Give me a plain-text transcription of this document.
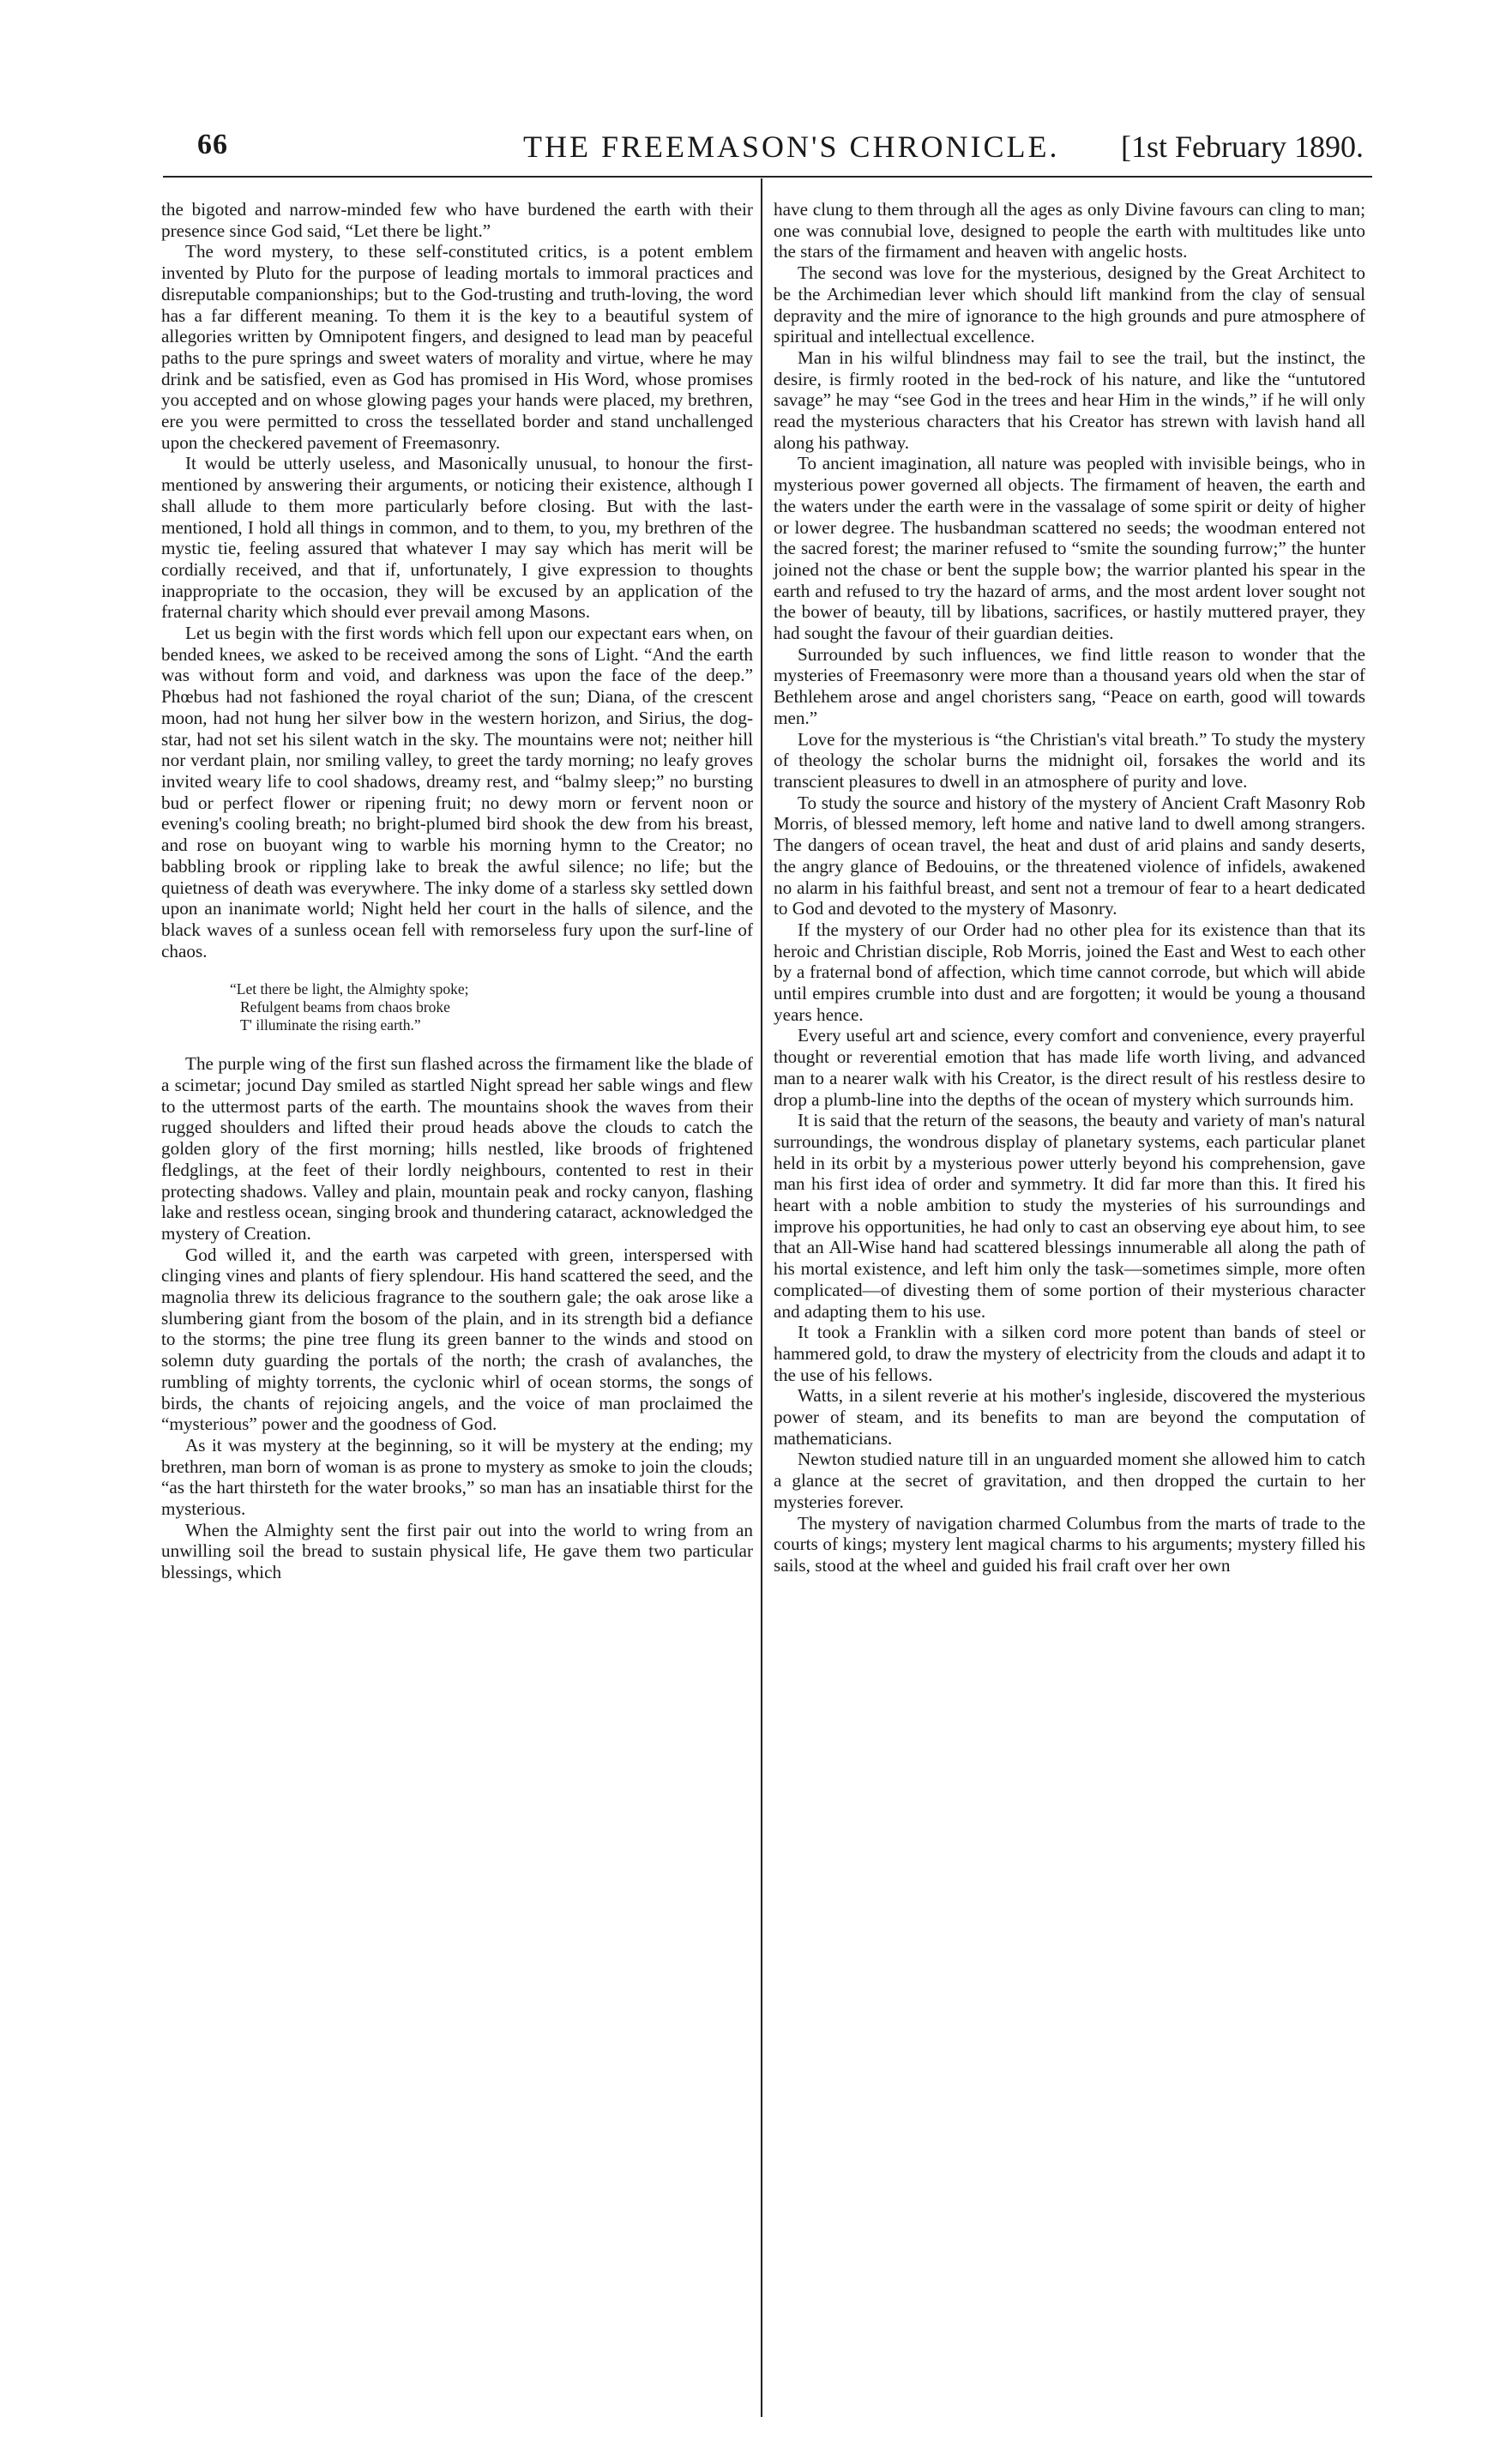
66	THE FREEMASON'S CHRONICLE. [1st February 1890.

the bigoted and narrow-minded few who have burdened the earth with their presence since God said, “Let there be light.”

The word mystery, to these self-constituted critics, is a potent emblem invented by Pluto for the purpose of leading mortals to immoral practices and disreputable companionships; but to the God-trusting and truth-loving, the word has a far different meaning. To them it is the key to a beautiful system of allegories written by Omnipotent fingers, and designed to lead man by peaceful paths to the pure springs and sweet waters of morality and virtue, where he may drink and be satisfied, even as God has promised in His Word, whose promises you accepted and on whose glowing pages your hands were placed, my brethren, ere you were permitted to cross the tessellated border and stand unchallenged upon the checkered pavement of Freemasonry.

It would be utterly useless, and Masonically unusual, to honour the first-mentioned by answering their arguments, or noticing their existence, although I shall allude to them more particularly before closing. But with the last-mentioned, I hold all things in common, and to them, to you, my brethren of the mystic tie, feeling assured that whatever I may say which has merit will be cordially received, and that if, unfortunately, I give expression to thoughts inappropriate to the occasion, they will be excused by an application of the fraternal charity which should ever prevail among Masons.

Let us begin with the first words which fell upon our expectant ears when, on bended knees, we asked to be received among the sons of Light. “And the earth was without form and void, and darkness was upon the face of the deep.” Phœbus had not fashioned the royal chariot of the sun; Diana, of the crescent moon, had not hung her silver bow in the western horizon, and Sirius, the dog-star, had not set his silent watch in the sky. The mountains were not; neither hill nor verdant plain, nor smiling valley, to greet the tardy morning; no leafy groves invited weary life to cool shadows, dreamy rest, and “balmy sleep;” no bursting bud or perfect flower or ripening fruit; no dewy morn or fervent noon or evening's cooling breath; no bright-plumed bird shook the dew from his breast, and rose on buoyant wing to warble his morning hymn to the Creator; no babbling brook or rippling lake to break the awful silence; no life; but the quietness of death was everywhere. The inky dome of a starless sky settled down upon an inanimate world; Night held her court in the halls of silence, and the black waves of a sunless ocean fell with remorseless fury upon the surf-line of chaos.

“Let there be light, the Almighty spoke;
Refulgent beams from chaos broke
T' illuminate the rising earth.”

The purple wing of the first sun flashed across the firmament like the blade of a scimetar; jocund Day smiled as startled Night spread her sable wings and flew to the uttermost parts of the earth. The mountains shook the waves from their rugged shoulders and lifted their proud heads above the clouds to catch the golden glory of the first morning; hills nestled, like broods of frightened fledglings, at the feet of their lordly neighbours, contented to rest in their protecting shadows. Valley and plain, mountain peak and rocky canyon, flashing lake and restless ocean, singing brook and thundering cataract, acknowledged the mystery of Creation.

God willed it, and the earth was carpeted with green, interspersed with clinging vines and plants of fiery splendour. His hand scattered the seed, and the magnolia threw its delicious fragrance to the southern gale; the oak arose like a slumbering giant from the bosom of the plain, and in its strength bid a defiance to the storms; the pine tree flung its green banner to the winds and stood on solemn duty guarding the portals of the north; the crash of avalanches, the rumbling of mighty torrents, the cyclonic whirl of ocean storms, the songs of birds, the chants of rejoicing angels, and the voice of man proclaimed the “mysterious” power and the goodness of God.

As it was mystery at the beginning, so it will be mystery at the ending; my brethren, man born of woman is as prone to mystery as smoke to join the clouds; “as the hart thirsteth for the water brooks,” so man has an insatiable thirst for the mysterious.

When the Almighty sent the first pair out into the world to wring from an unwilling soil the bread to sustain physical life, He gave them two particular blessings, which

have clung to them through all the ages as only Divine favours can cling to man; one was connubial love, designed to people the earth with multitudes like unto the stars of the firmament and heaven with angelic hosts.

The second was love for the mysterious, designed by the Great Architect to be the Archimedian lever which should lift mankind from the clay of sensual depravity and the mire of ignorance to the high grounds and pure atmosphere of spiritual and intellectual excellence.

Man in his wilful blindness may fail to see the trail, but the instinct, the desire, is firmly rooted in the bed-rock of his nature, and like the “untutored savage” he may “see God in the trees and hear Him in the winds,” if he will only read the mysterious characters that his Creator has strewn with lavish hand all along his pathway.

To ancient imagination, all nature was peopled with invisible beings, who in mysterious power governed all objects. The firmament of heaven, the earth and the waters under the earth were in the vassalage of some spirit or deity of higher or lower degree. The husbandman scattered no seeds; the woodman entered not the sacred forest; the mariner refused to “smite the sounding furrow;” the hunter joined not the chase or bent the supple bow; the warrior planted his spear in the earth and refused to try the hazard of arms, and the most ardent lover sought not the bower of beauty, till by libations, sacrifices, or hastily muttered prayer, they had sought the favour of their guardian deities.

Surrounded by such influences, we find little reason to wonder that the mysteries of Freemasonry were more than a thousand years old when the star of Bethlehem arose and angel choristers sang, “Peace on earth, good will towards men.”

Love for the mysterious is “the Christian's vital breath.” To study the mystery of theology the scholar burns the midnight oil, forsakes the world and its transcient pleasures to dwell in an atmosphere of purity and love.

To study the source and history of the mystery of Ancient Craft Masonry Rob Morris, of blessed memory, left home and native land to dwell among strangers. The dangers of ocean travel, the heat and dust of arid plains and sandy deserts, the angry glance of Bedouins, or the threatened violence of infidels, awakened no alarm in his faithful breast, and sent not a tremour of fear to a heart dedicated to God and devoted to the mystery of Masonry.

If the mystery of our Order had no other plea for its existence than that its heroic and Christian disciple, Rob Morris, joined the East and West to each other by a fraternal bond of affection, which time cannot corrode, but which will abide until empires crumble into dust and are forgotten; it would be young a thousand years hence.

Every useful art and science, every comfort and convenience, every prayerful thought or reverential emotion that has made life worth living, and advanced man to a nearer walk with his Creator, is the direct result of his restless desire to drop a plumb-line into the depths of the ocean of mystery which surrounds him.

It is said that the return of the seasons, the beauty and variety of man's natural surroundings, the wondrous display of planetary systems, each particular planet held in its orbit by a mysterious power utterly beyond his comprehension, gave man his first idea of order and symmetry. It did far more than this. It fired his heart with a noble ambition to study the mysteries of his surroundings and improve his opportunities, he had only to cast an observing eye about him, to see that an All-Wise hand had scattered blessings innumerable all along the path of his mortal existence, and left him only the task—sometimes simple, more often complicated—of divesting them of some portion of their mysterious character and adapting them to his use.

It took a Franklin with a silken cord more potent than bands of steel or hammered gold, to draw the mystery of electricity from the clouds and adapt it to the use of his fellows.

Watts, in a silent reverie at his mother's ingleside, discovered the mysterious power of steam, and its benefits to man are beyond the computation of mathematicians.

Newton studied nature till in an unguarded moment she allowed him to catch a glance at the secret of gravitation, and then dropped the curtain to her mysteries forever.

The mystery of navigation charmed Columbus from the marts of trade to the courts of kings; mystery lent magical charms to his arguments; mystery filled his sails, stood at the wheel and guided his frail craft over her own
